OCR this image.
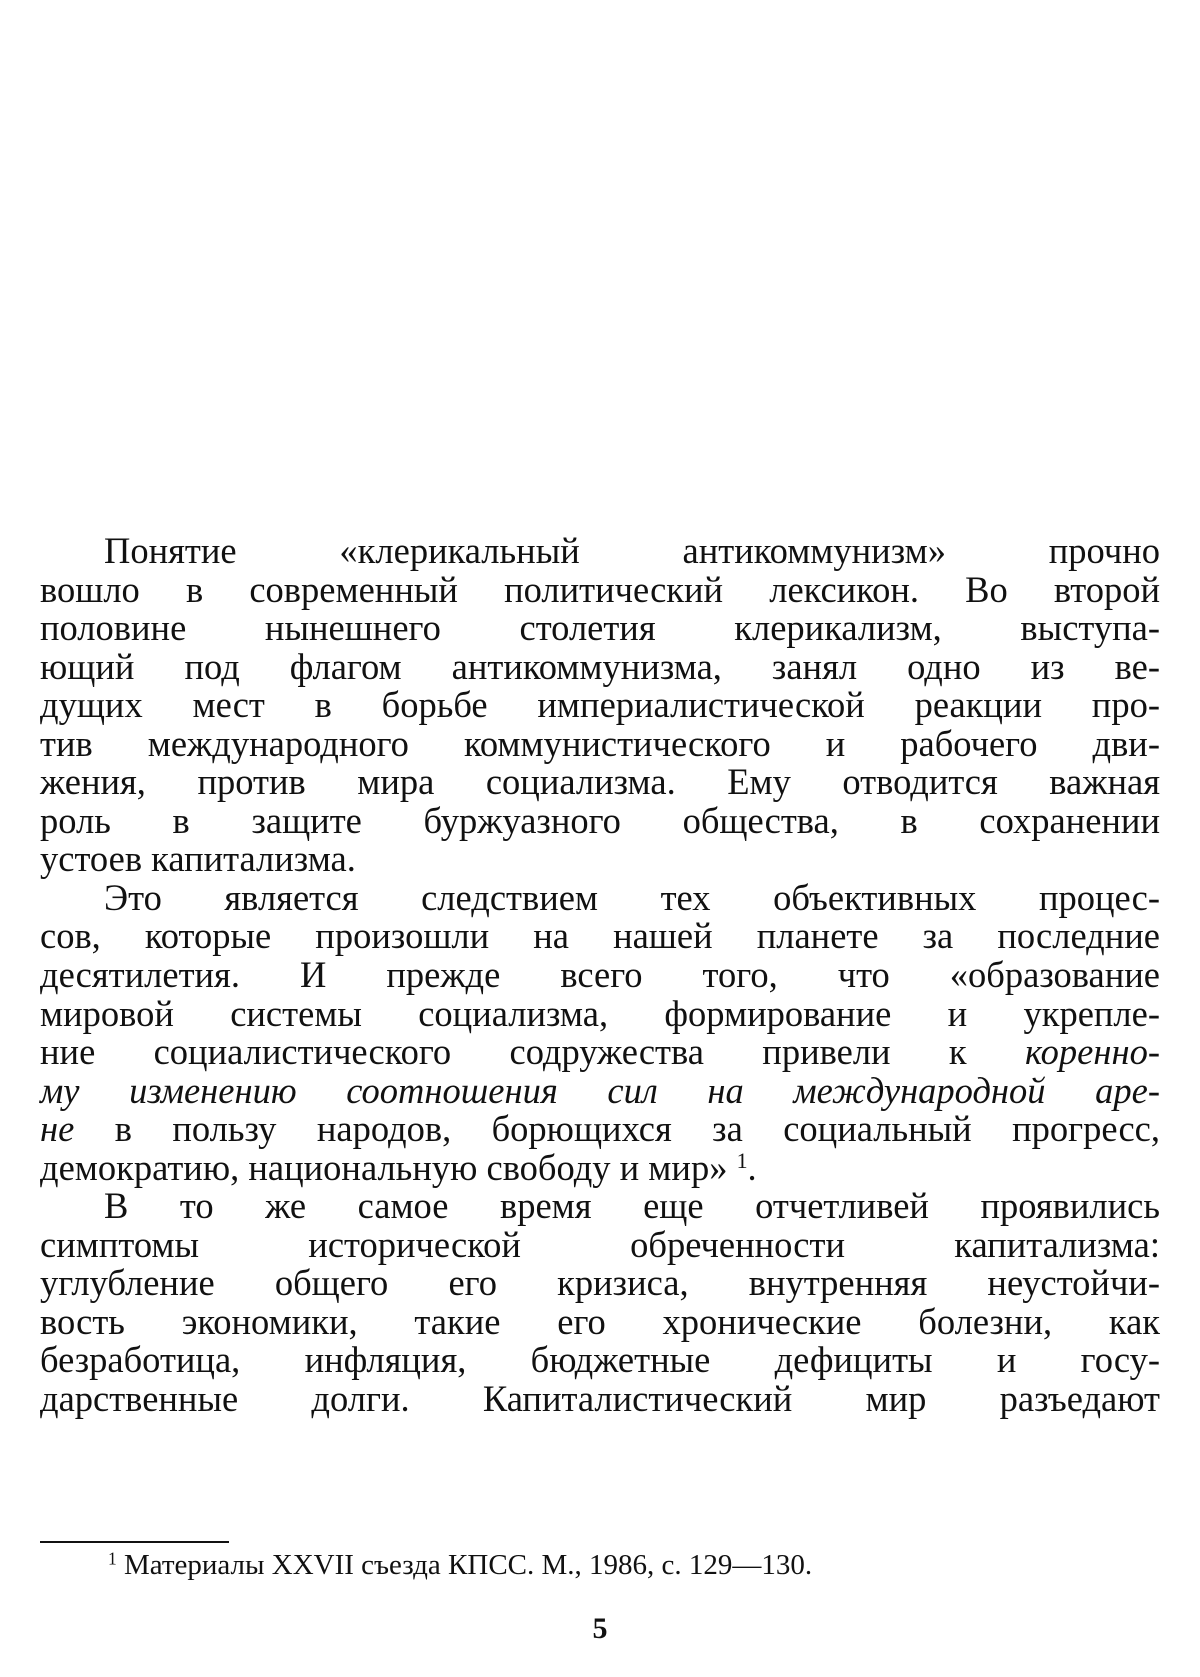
Понятие «клерикальный антикоммунизм» прочно
вошло в современный политический лексикон. Во второй
половине нынешнего столетия клерикализм, выступа-
ющий под флагом антикоммунизма, занял одно из ве-
дущих мест в борьбе империалистической реакции про-
тив международного коммунистического и рабочего дви-
жения, против мира социализма. Ему отводится важная
роль в защите буржуазного общества, в сохранении
устоев капитализма.
Это является следствием тех объективных процес-
сов, которые произошли на нашей планете за последние
десятилетия. И прежде всего того, что «образование
мировой системы социализма, формирование и укрепле-
ние социалистического содружества привели к коренно-
му изменению соотношения сил на международной аре-
не в пользу народов, борющихся за социальный прогресс,
демократию, национальную свободу и мир» $^1$.
В то же самое время еще отчетливей проявились
симптомы исторической обреченности капитализма:
углубление общего его кризиса, внутренняя неустойчи-
вость экономики, такие его хронические болезни, как
безработица, инфляция, бюджетные дефициты и госу-
дарственные долги. Капиталистический мир разъедают
$^1$ Материалы XXVII съезда КПСС. М., 1986, с. 129—130.
5
